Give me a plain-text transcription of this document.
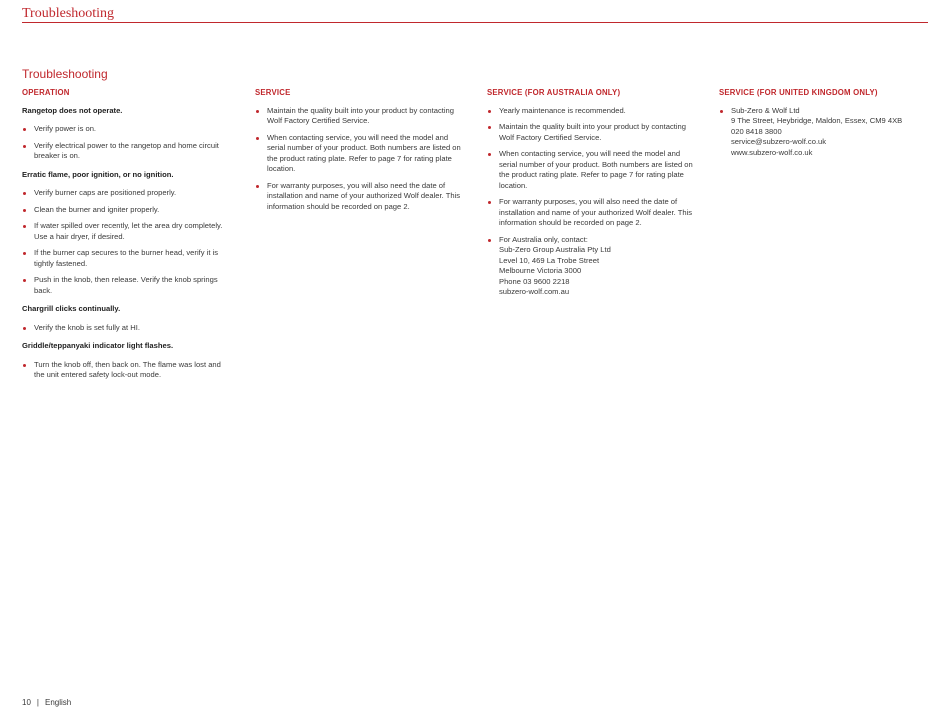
Troubleshooting
Troubleshooting
OPERATION
Rangetop does not operate.
Verify power is on.
Verify electrical power to the rangetop and home circuit breaker is on.
Erratic flame, poor ignition, or no ignition.
Verify burner caps are positioned properly.
Clean the burner and igniter properly.
If water spilled over recently, let the area dry completely. Use a hair dryer, if desired.
If the burner cap secures to the burner head, verify it is tightly fastened.
Push in the knob, then release. Verify the knob springs back.
Chargrill clicks continually.
Verify the knob is set fully at HI.
Griddle/teppanyaki indicator light flashes.
Turn the knob off, then back on. The flame was lost and the unit entered safety lock-out mode.
SERVICE
Maintain the quality built into your product by contacting Wolf Factory Certified Service.
When contacting service, you will need the model and serial number of your product. Both numbers are listed on the product rating plate. Refer to page 7 for rating plate location.
For warranty purposes, you will also need the date of installation and name of your authorized Wolf dealer. This information should be recorded on page 2.
SERVICE (FOR AUSTRALIA ONLY)
Yearly maintenance is recommended.
Maintain the quality built into your product by contacting Wolf Factory Certified Service.
When contacting service, you will need the model and serial number of your product. Both numbers are listed on the product rating plate. Refer to page 7 for rating plate location.
For warranty purposes, you will also need the date of installation and name of your authorized Wolf dealer. This information should be recorded on page 2.
For Australia only, contact:
Sub-Zero Group Australia Pty Ltd
Level 10, 469 La Trobe Street
Melbourne Victoria 3000
Phone 03 9600 2218
subzero-wolf.com.au
SERVICE (FOR UNITED KINGDOM ONLY)
Sub-Zero & Wolf Ltd
9 The Street, Heybridge, Maldon, Essex, CM9 4XB
020 8418 3800
service@subzero-wolf.co.uk
www.subzero-wolf.co.uk
10 | English
